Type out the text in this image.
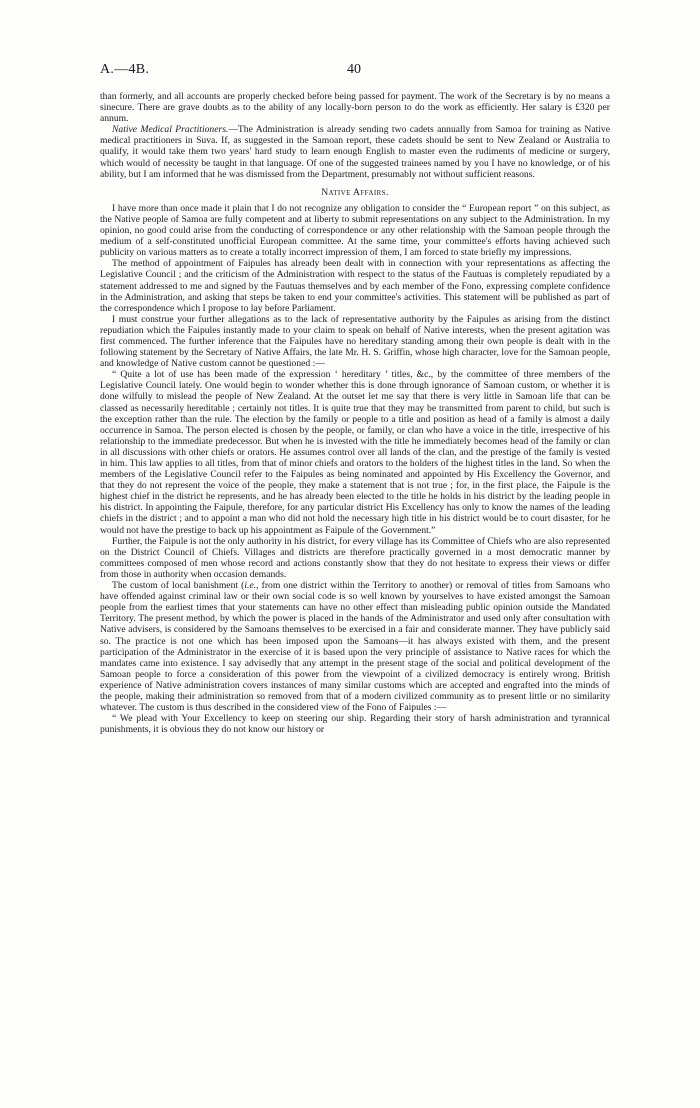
A.—4B.	40

than formerly, and all accounts are properly checked before being passed for payment. The work of the Secretary is by no means a sinecure. There are grave doubts as to the ability of any locally-born person to do the work as efficiently. Her salary is £320 per annum.

Native Medical Practitioners.—The Administration is already sending two cadets annually from Samoa for training as Native medical practitioners in Suva. If, as suggested in the Samoan report, these cadets should be sent to New Zealand or Australia to qualify, it would take them two years' hard study to learn enough English to master even the rudiments of medicine or surgery, which would of necessity be taught in that language. Of one of the suggested trainees named by you I have no knowledge, or of his ability, but I am informed that he was dismissed from the Department, presumably not without sufficient reasons.

Native Affairs.

I have more than once made it plain that I do not recognize any obligation to consider the “ European report ” on this subject, as the Native people of Samoa are fully competent and at liberty to submit representations on any subject to the Administration. In my opinion, no good could arise from the conducting of correspondence or any other relationship with the Samoan people through the medium of a self-constituted unofficial European committee. At the same time, your committee's efforts having achieved such publicity on various matters as to create a totally incorrect impression of them, I am forced to state briefly my impressions.

The method of appointment of Faipules has already been dealt with in connection with your representations as affecting the Legislative Council ; and the criticism of the Administration with respect to the status of the Fautuas is completely repudiated by a statement addressed to me and signed by the Fautuas themselves and by each member of the Fono, expressing complete confidence in the Administration, and asking that steps be taken to end your committee's activities. This statement will be published as part of the correspondence which I propose to lay before Parliament.

I must construe your further allegations as to the lack of representative authority by the Faipules as arising from the distinct repudiation which the Faipules instantly made to your claim to speak on behalf of Native interests, when the present agitation was first commenced. The further inference that the Faipules have no hereditary standing among their own people is dealt with in the following statement by the Secretary of Native Affairs, the late Mr. H. S. Griffin, whose high character, love for the Samoan people, and knowledge of Native custom cannot be questioned :—

“ Quite a lot of use has been made of the expression ‘ hereditary ’ titles, &c., by the committee of three members of the Legislative Council lately. One would begin to wonder whether this is done through ignorance of Samoan custom, or whether it is done wilfully to mislead the people of New Zealand. At the outset let me say that there is very little in Samoan life that can be classed as necessarily hereditable ; certainly not titles. It is quite true that they may be transmitted from parent to child, but such is the exception rather than the rule. The election by the family or people to a title and position as head of a family is almost a daily occurrence in Samoa. The person elected is chosen by the people, or family, or clan who have a voice in the title, irrespective of his relationship to the immediate predecessor. But when he is invested with the title he immediately becomes head of the family or clan in all discussions with other chiefs or orators. He assumes control over all lands of the clan, and the prestige of the family is vested in him. This law applies to all titles, from that of minor chiefs and orators to the holders of the highest titles in the land. So when the members of the Legislative Council refer to the Faipules as being nominated and appointed by His Excellency the Governor, and that they do not represent the voice of the people, they make a statement that is not true ; for, in the first place, the Faipule is the highest chief in the district he represents, and he has already been elected to the title he holds in his district by the leading people in his district. In appointing the Faipule, therefore, for any particular district His Excellency has only to know the names of the leading chiefs in the district ; and to appoint a man who did not hold the necessary high title in his district would be to court disaster, for he would not have the prestige to back up his appointment as Faipule of the Government.”

Further, the Faipule is not the only authority in his district, for every village has its Committee of Chiefs who are also represented on the District Council of Chiefs. Villages and districts are therefore practically governed in a most democratic manner by committees composed of men whose record and actions constantly show that they do not hesitate to express their views or differ from those in authority when occasion demands.

The custom of local banishment (i.e., from one district within the Territory to another) or removal of titles from Samoans who have offended against criminal law or their own social code is so well known by yourselves to have existed amongst the Samoan people from the earliest times that your statements can have no other effect than misleading public opinion outside the Mandated Territory. The present method, by which the power is placed in the hands of the Administrator and used only after consultation with Native advisers, is considered by the Samoans themselves to be exercised in a fair and considerate manner. They have publicly said so. The practice is not one which has been imposed upon the Samoans—it has always existed with them, and the present participation of the Administrator in the exercise of it is based upon the very principle of assistance to Native races for which the mandates came into existence. I say advisedly that any attempt in the present stage of the social and political development of the Samoan people to force a consideration of this power from the viewpoint of a civilized democracy is entirely wrong. British experience of Native administration covers instances of many similar customs which are accepted and engrafted into the minds of the people, making their administration so removed from that of a modern civilized community as to present little or no similarity whatever. The custom is thus described in the considered view of the Fono of Faipules :—

“ We plead with Your Excellency to keep on steering our ship. Regarding their story of harsh administration and tyrannical punishments, it is obvious they do not know our history or
